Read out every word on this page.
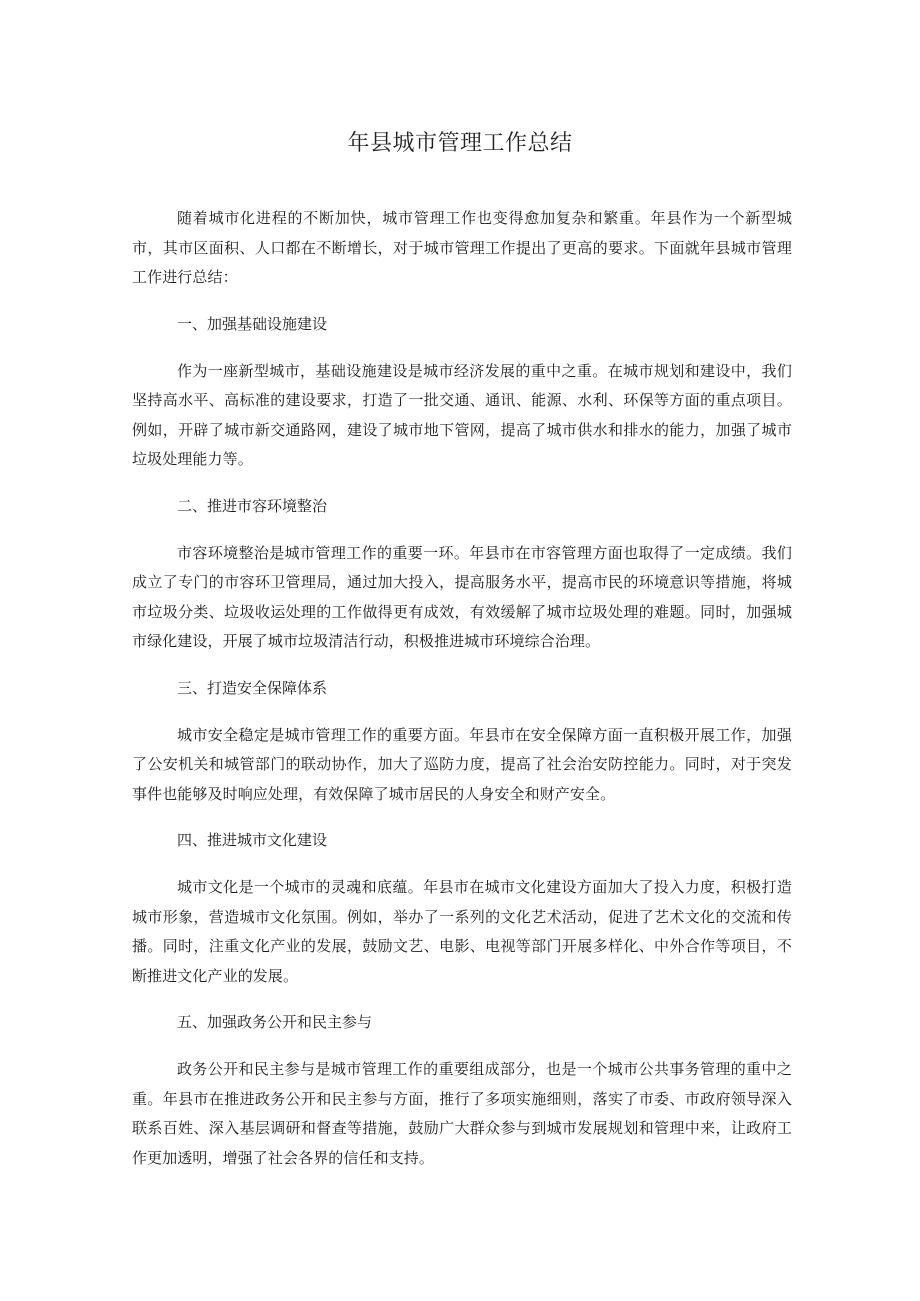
年县城市管理工作总结

随着城市化进程的不断加快，城市管理工作也变得愈加复杂和繁重。年县作为一个新型城市，其市区面积、人口都在不断增长，对于城市管理工作提出了更高的要求。下面就年县城市管理工作进行总结：

一、加强基础设施建设

作为一座新型城市，基础设施建设是城市经济发展的重中之重。在城市规划和建设中，我们坚持高水平、高标准的建设要求，打造了一批交通、通讯、能源、水利、环保等方面的重点项目。例如，开辟了城市新交通路网，建设了城市地下管网，提高了城市供水和排水的能力，加强了城市垃圾处理能力等。

二、推进市容环境整治

市容环境整治是城市管理工作的重要一环。年县市在市容管理方面也取得了一定成绩。我们成立了专门的市容环卫管理局，通过加大投入，提高服务水平，提高市民的环境意识等措施，将城市垃圾分类、垃圾收运处理的工作做得更有成效，有效缓解了城市垃圾处理的难题。同时，加强城市绿化建设，开展了城市垃圾清洁行动，积极推进城市环境综合治理。

三、打造安全保障体系

城市安全稳定是城市管理工作的重要方面。年县市在安全保障方面一直积极开展工作，加强了公安机关和城管部门的联动协作，加大了巡防力度，提高了社会治安防控能力。同时，对于突发事件也能够及时响应处理，有效保障了城市居民的人身安全和财产安全。

四、推进城市文化建设

城市文化是一个城市的灵魂和底蕴。年县市在城市文化建设方面加大了投入力度，积极打造城市形象，营造城市文化氛围。例如，举办了一系列的文化艺术活动，促进了艺术文化的交流和传播。同时，注重文化产业的发展，鼓励文艺、电影、电视等部门开展多样化、中外合作等项目，不断推进文化产业的发展。

五、加强政务公开和民主参与

政务公开和民主参与是城市管理工作的重要组成部分，也是一个城市公共事务管理的重中之重。年县市在推进政务公开和民主参与方面，推行了多项实施细则，落实了市委、市政府领导深入联系百姓、深入基层调研和督查等措施，鼓励广大群众参与到城市发展规划和管理中来，让政府工作更加透明，增强了社会各界的信任和支持。
